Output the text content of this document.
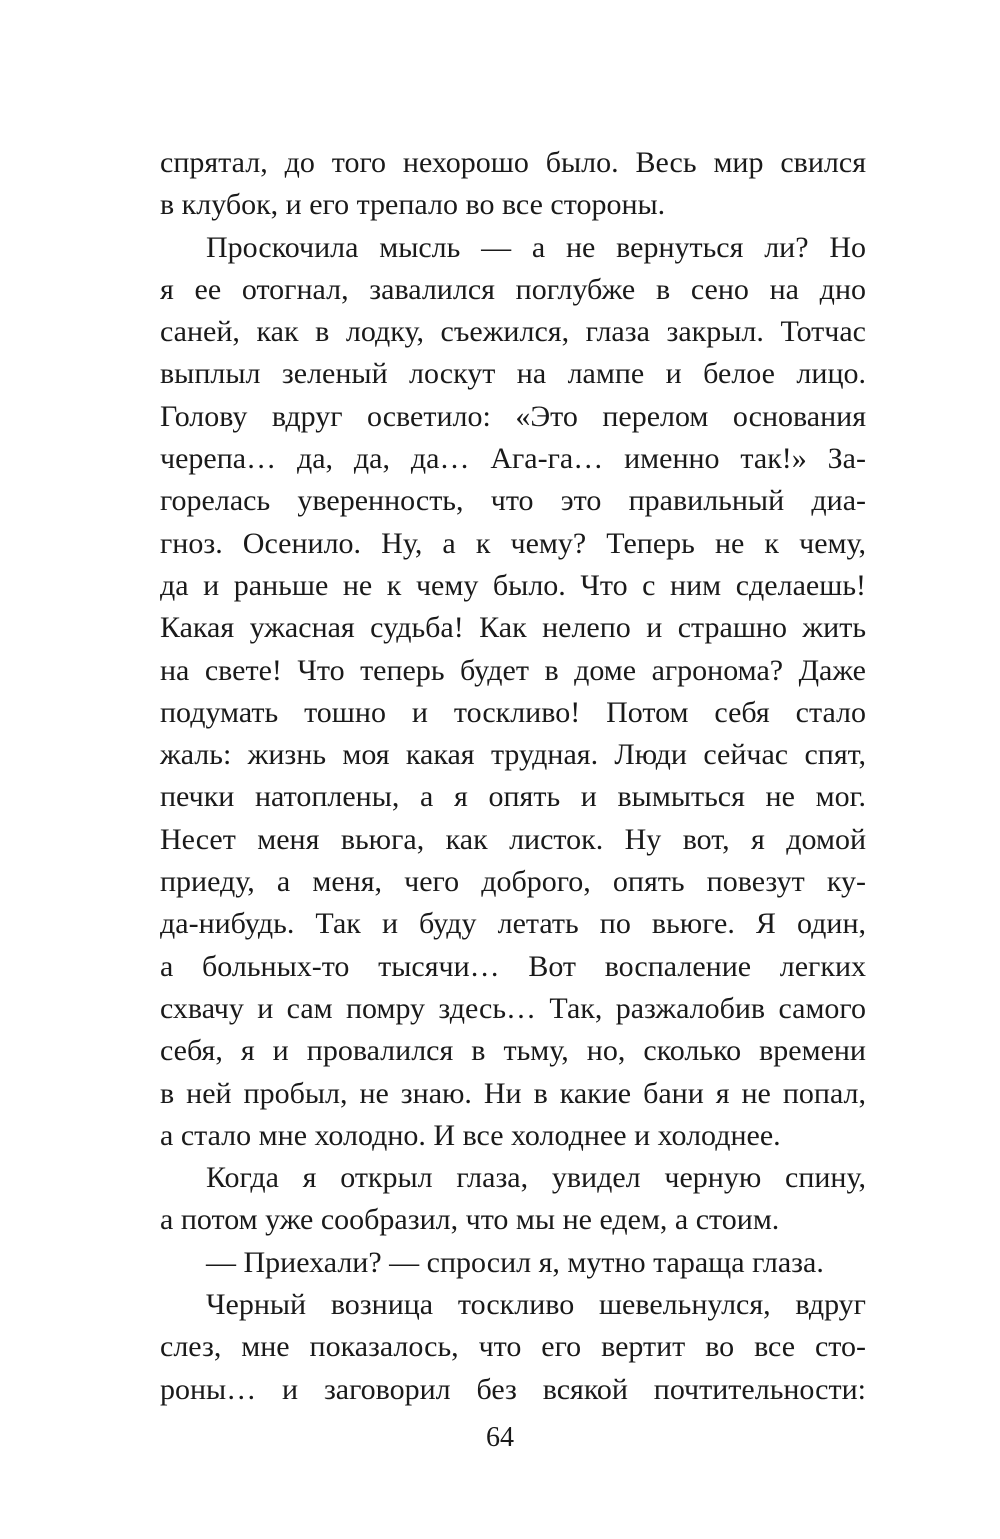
спрятал, до того нехорошо было. Весь мир свился
в клубок, и его трепало во все стороны.
Проскочила мысль — а не вернуться ли? Но
я ее отогнал, завалился поглубже в сено на дно
саней, как в лодку, съежился, глаза закрыл. Тотчас
выплыл зеленый лоскут на лампе и белое лицо.
Голову вдруг осветило: «Это перелом основания
черепа… да, да, да… Ага-га… именно так!» За-
горелась уверенность, что это правильный диа-
гноз. Осенило. Ну, а к чему? Теперь не к чему,
да и раньше не к чему было. Что с ним сделаешь!
Какая ужасная судьба! Как нелепо и страшно жить
на свете! Что теперь будет в доме агронома? Даже
подумать тошно и тоскливо! Потом себя стало
жаль: жизнь моя какая трудная. Люди сейчас спят,
печки натоплены, а я опять и вымыться не мог.
Несет меня вьюга, как листок. Ну вот, я домой
приеду, а меня, чего доброго, опять повезут ку-
да-нибудь. Так и буду летать по вьюге. Я один,
а больных-то тысячи… Вот воспаление легких
схвачу и сам помру здесь… Так, разжалобив самого
себя, я и провалился в тьму, но, сколько времени
в ней пробыл, не знаю. Ни в какие бани я не попал,
а стало мне холодно. И все холоднее и холоднее.
Когда я открыл глаза, увидел черную спину,
а потом уже сообразил, что мы не едем, а стоим.
— Приехали? — спросил я, мутно тараща глаза.
Черный возница тоскливо шевельнулся, вдруг
слез, мне показалось, что его вертит во все сто-
роны… и заговорил без всякой почтительности:
64
